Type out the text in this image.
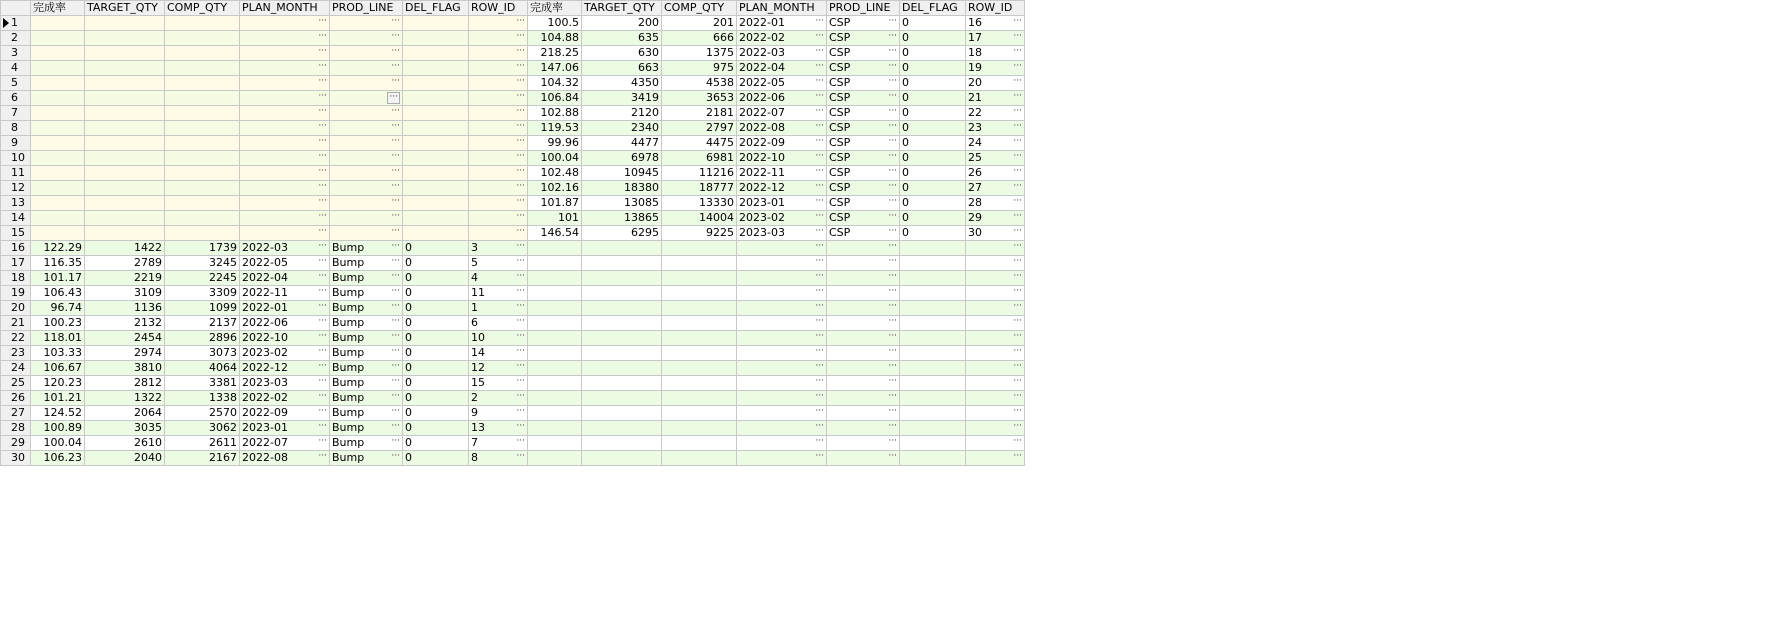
	完成率	TARGET_QTY	COMP_QTY	PLAN_MONTH	PROD_LINE	DEL_FLAG	ROW_ID	完成率	TARGET_QTY	COMP_QTY	PLAN_MONTH	PROD_LINE	DEL_FLAG	ROW_ID
1				···	···		···	100.5	200	201	2022-01 ···	CSP ···	0	16 ···

2				···	···		···	104.88	635	666	2022-02 ···	CSP ···	0	17 ···

3				···	···		···	218.25	630	1375	2022-03 ···	CSP ···	0	18 ···

4				···	···		···	147.06	663	975	2022-04 ···	CSP ···	0	19 ···

5				···	···		···	104.32	4350	4538	2022-05 ···	CSP ···	0	20 ···

6				···	···		···	106.84	3419	3653	2022-06 ···	CSP ···	0	21 ···

7				···	···		···	102.88	2120	2181	2022-07 ···	CSP ···	0	22 ···

8				···	···		···	119.53	2340	2797	2022-08 ···	CSP ···	0	23 ···

9				···	···		···	99.96	4477	4475	2022-09 ···	CSP ···	0	24 ···

10				···	···		···	100.04	6978	6981	2022-10 ···	CSP ···	0	25 ···

11				···	···		···	102.48	10945	11216	2022-11 ···	CSP ···	0	26 ···

12				···	···		···	102.16	18380	18777	2022-12 ···	CSP ···	0	27 ···

13				···	···		···	101.87	13085	13330	2023-01 ···	CSP ···	0	28 ···

14				···	···		···	101	13865	14004	2023-02 ···	CSP ···	0	29 ···

15				···	···		···	146.54	6295	9225	2023-03 ···	CSP ···	0	30 ···

16	122.29	1422	1739	2022-03 ···	Bump ···	0	3 ···				···	···		···

17	116.35	2789	3245	2022-05 ···	Bump ···	0	5 ···				···	···		···

18	101.17	2219	2245	2022-04 ···	Bump ···	0	4 ···				···	···		···

19	106.43	3109	3309	2022-11 ···	Bump ···	0	11 ···				···	···		···

20	96.74	1136	1099	2022-01 ···	Bump ···	0	1 ···				···	···		···

21	100.23	2132	2137	2022-06 ···	Bump ···	0	6 ···				···	···		···

22	118.01	2454	2896	2022-10 ···	Bump ···	0	10 ···				···	···		···

23	103.33	2974	3073	2023-02 ···	Bump ···	0	14 ···				···	···		···

24	106.67	3810	4064	2022-12 ···	Bump ···	0	12 ···				···	···		···

25	120.23	2812	3381	2023-03 ···	Bump ···	0	15 ···				···	···		···

26	101.21	1322	1338	2022-02 ···	Bump ···	0	2 ···				···	···		···

27	124.52	2064	2570	2022-09 ···	Bump ···	0	9 ···				···	···		···

28	100.89	3035	3062	2023-01 ···	Bump ···	0	13 ···				···	···		···

29	100.04	2610	2611	2022-07 ···	Bump ···	0	7 ···				···	···		···

30	106.23	2040	2167	2022-08 ···	Bump ···	0	8 ···				···	···		···
